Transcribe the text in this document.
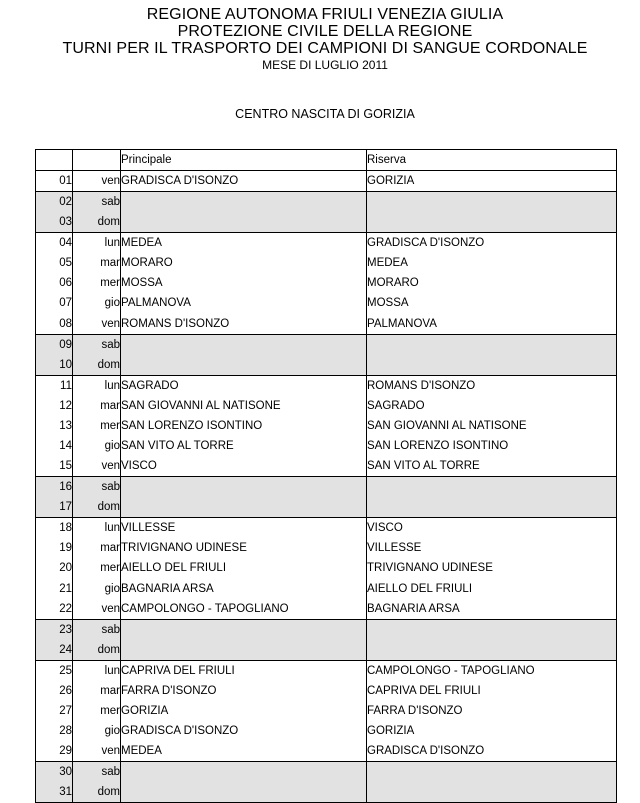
REGIONE AUTONOMA FRIULI VENEZIA GIULIA
PROTEZIONE CIVILE DELLA REGIONE
TURNI PER IL TRASPORTO DEI CAMPIONI DI SANGUE CORDONALE
MESE DI LUGLIO 2011
CENTRO NASCITA DI GORIZIA
		Principale	Riserva
01	ven	GRADISCA D'ISONZO	GORIZIA
02	sab		
03	dom		
04	lun	MEDEA	GRADISCA D'ISONZO
05	mar	MORARO	MEDEA
06	mer	MOSSA	MORARO
07	gio	PALMANOVA	MOSSA
08	ven	ROMANS D'ISONZO	PALMANOVA
09	sab		
10	dom		
11	lun	SAGRADO	ROMANS D'ISONZO
12	mar	SAN GIOVANNI AL NATISONE	SAGRADO
13	mer	SAN LORENZO ISONTINO	SAN GIOVANNI AL NATISONE
14	gio	SAN VITO AL TORRE	SAN LORENZO ISONTINO
15	ven	VISCO	SAN VITO AL TORRE
16	sab		
17	dom		
18	lun	VILLESSE	VISCO
19	mar	TRIVIGNANO UDINESE	VILLESSE
20	mer	AIELLO DEL FRIULI	TRIVIGNANO UDINESE
21	gio	BAGNARIA ARSA	AIELLO DEL FRIULI
22	ven	CAMPOLONGO - TAPOGLIANO	BAGNARIA ARSA
23	sab		
24	dom		
25	lun	CAPRIVA DEL FRIULI	CAMPOLONGO - TAPOGLIANO
26	mar	FARRA D'ISONZO	CAPRIVA DEL FRIULI
27	mer	GORIZIA	FARRA D'ISONZO
28	gio	GRADISCA D'ISONZO	GORIZIA
29	ven	MEDEA	GRADISCA D'ISONZO
30	sab		
31	dom		
